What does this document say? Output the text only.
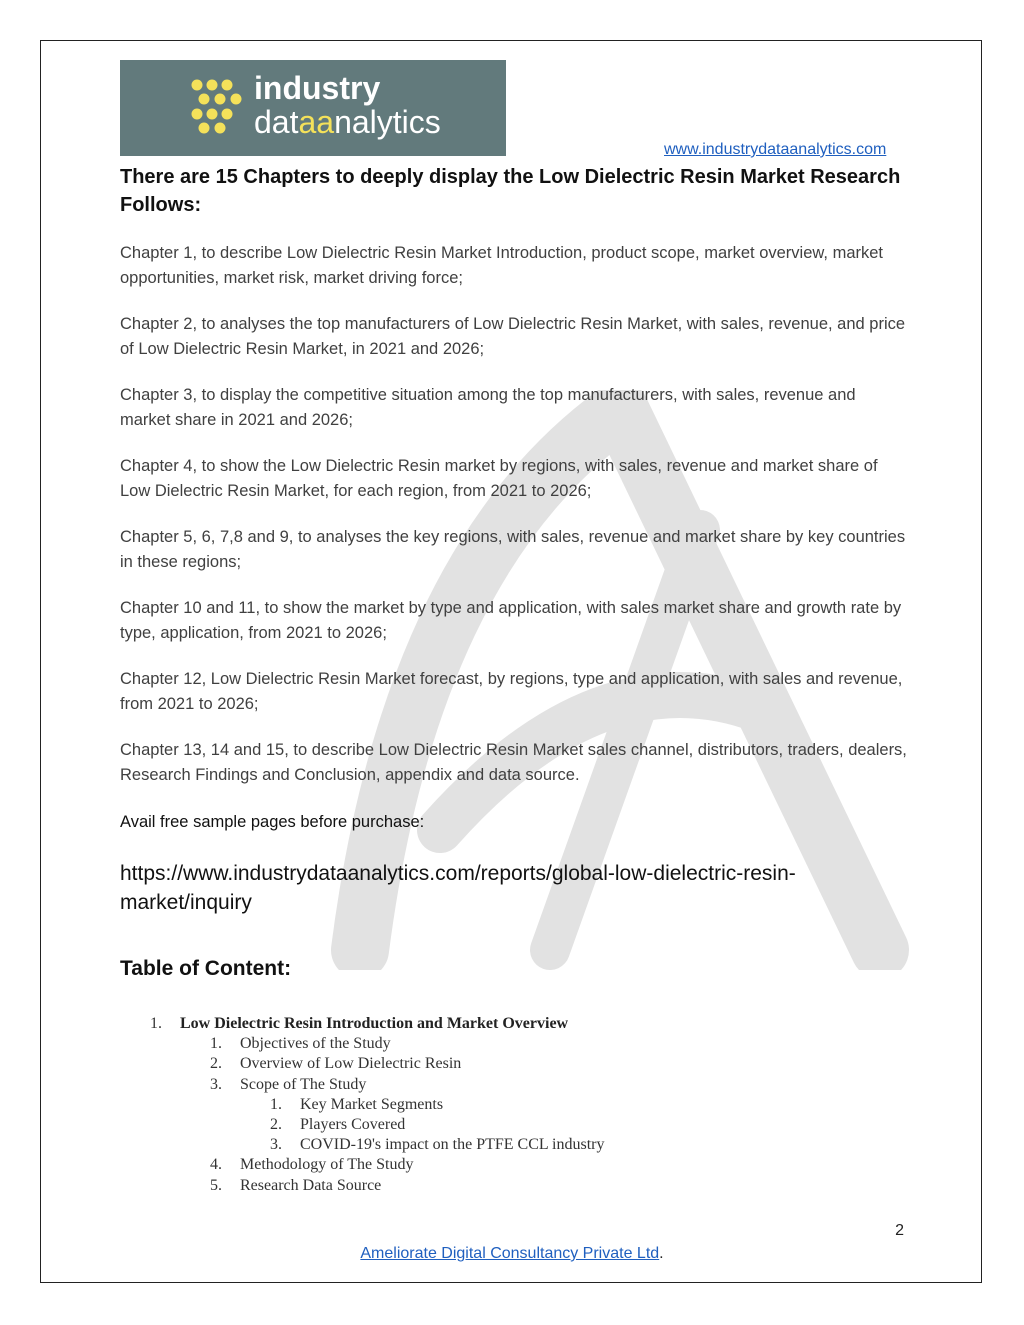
industry
dataanalytics
www.industrydataanalytics.com
There are 15 Chapters to deeply display the Low Dielectric Resin Market Research Follows:

Chapter 1, to describe Low Dielectric Resin Market Introduction, product scope, market overview, market opportunities, market risk, market driving force;

Chapter 2, to analyses the top manufacturers of Low Dielectric Resin Market, with sales, revenue, and price of Low Dielectric Resin Market, in 2021 and 2026;

Chapter 3, to display the competitive situation among the top manufacturers, with sales, revenue and market share in 2021 and 2026;

Chapter 4, to show the Low Dielectric Resin market by regions, with sales, revenue and market share of Low Dielectric Resin Market, for each region, from 2021 to 2026;

Chapter 5, 6, 7,8 and 9, to analyses the key regions, with sales, revenue and market share by key countries in these regions;

Chapter 10 and 11, to show the market by type and application, with sales market share and growth rate by type, application, from 2021 to 2026;

Chapter 12, Low Dielectric Resin Market forecast, by regions, type and application, with sales and revenue, from 2021 to 2026;

Chapter 13, 14 and 15, to describe Low Dielectric Resin Market sales channel, distributors, traders, dealers, Research Findings and Conclusion, appendix and data source.

Avail free sample pages before purchase:

https://www.industrydataanalytics.com/reports/global-low-dielectric-resin-market/inquiry

Table of Content:
1. Low Dielectric Resin Introduction and Market Overview
1. Objectives of the Study
2. Overview of Low Dielectric Resin
3. Scope of The Study
1. Key Market Segments
2. Players Covered
3. COVID-19's impact on the PTFE CCL industry
4. Methodology of The Study
5. Research Data Source
2
Ameliorate Digital Consultancy Private Ltd.
